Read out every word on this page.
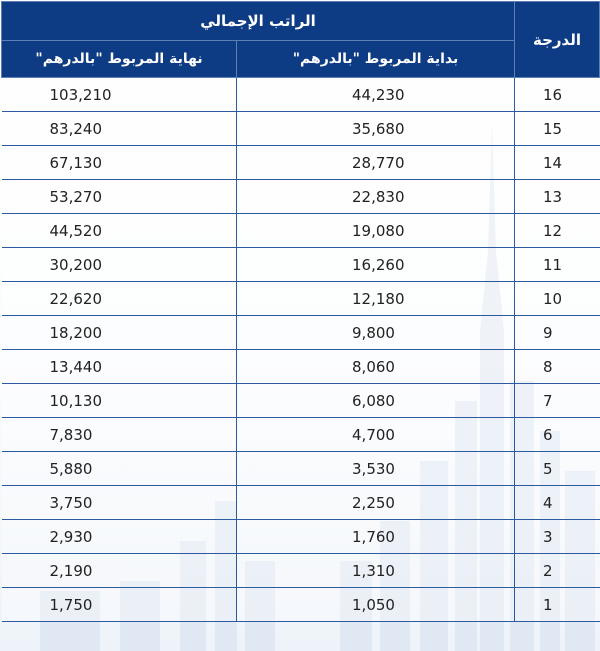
الدرجة	الراتب الإجمالي	
	بداية المربوط "بالدرهم"	نهاية المربوط "بالدرهم"
16	44,230	103,210
15	35,680	83,240
14	28,770	67,130
13	22,830	53,270
12	19,080	44,520
11	16,260	30,200
10	12,180	22,620
9	9,800	18,200
8	8,060	13,440
7	6,080	10,130
6	4,700	7,830
5	3,530	5,880
4	2,250	3,750
3	1,760	2,930
2	1,310	2,190
1	1,050	1,750
